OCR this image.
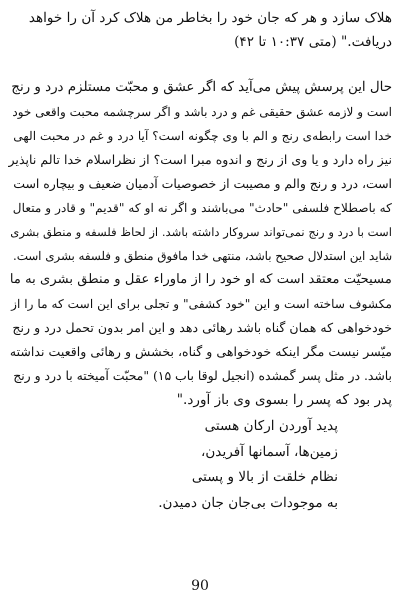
هلاک سازد و هر که جان خود را بخاطر من هلاک کرد آن را خواهد
دریافت." (متی ۱۰:۳۷ تا ۴۲)
حال این پرسش پیش می‌آید که اگر عشق و محبّت مستلزم درد و رنج
است و لازمه عشق حقیقی غم و درد باشد و اگر سرچشمه محبت واقعی خود
خدا است رابطه‌ی رنج و الم با وی چگونه است؟ آیا درد و غم در محبت الهی
نیز راه دارد و یا وی از رنج و اندوه مبرا است؟ از نظراسلام خدا تالم ناپذیر
است، درد و رنج والم و مصیبت از خصوصیات آدمیان ضعیف و بیچاره است
که باصطلاح فلسفی "حادث" می‌باشند و اگر نه او که "قدیم" و قادر و متعال
است با درد و رنج نمی‌تواند سروکار داشته باشد. از لحاظ فلسفه و منطق بشری
شاید این استدلال صحیح باشد، منتهی خدا مافوق منطق و فلسفه بشری است.
مسیحیّت معتقد است که او خود را از ماوراء عقل و منطق بشری به ما
مکشوف ساخته است و این "خود کشفی" و تجلی برای این است که ما را از
خودخواهی که همان گناه باشد رهائی دهد و این امر بدون تحمل درد و رنج
میّسر نیست مگر اینکه خودخواهی و گناه، بخشش و رهائی واقعیت نداشته
باشد. در مثل پسر گمشده (انجیل لوقا باب ۱۵) "محبّت آمیخته با درد و رنج
پدر بود که پسر را بسوی وی باز آورد."
پدید آوردن ارکان هستی
زمین‌ها، آسمانها آفریدن،
نظام خلقت از بالا و پستی
به موجودات بی‌جان جان دمیدن.
90
